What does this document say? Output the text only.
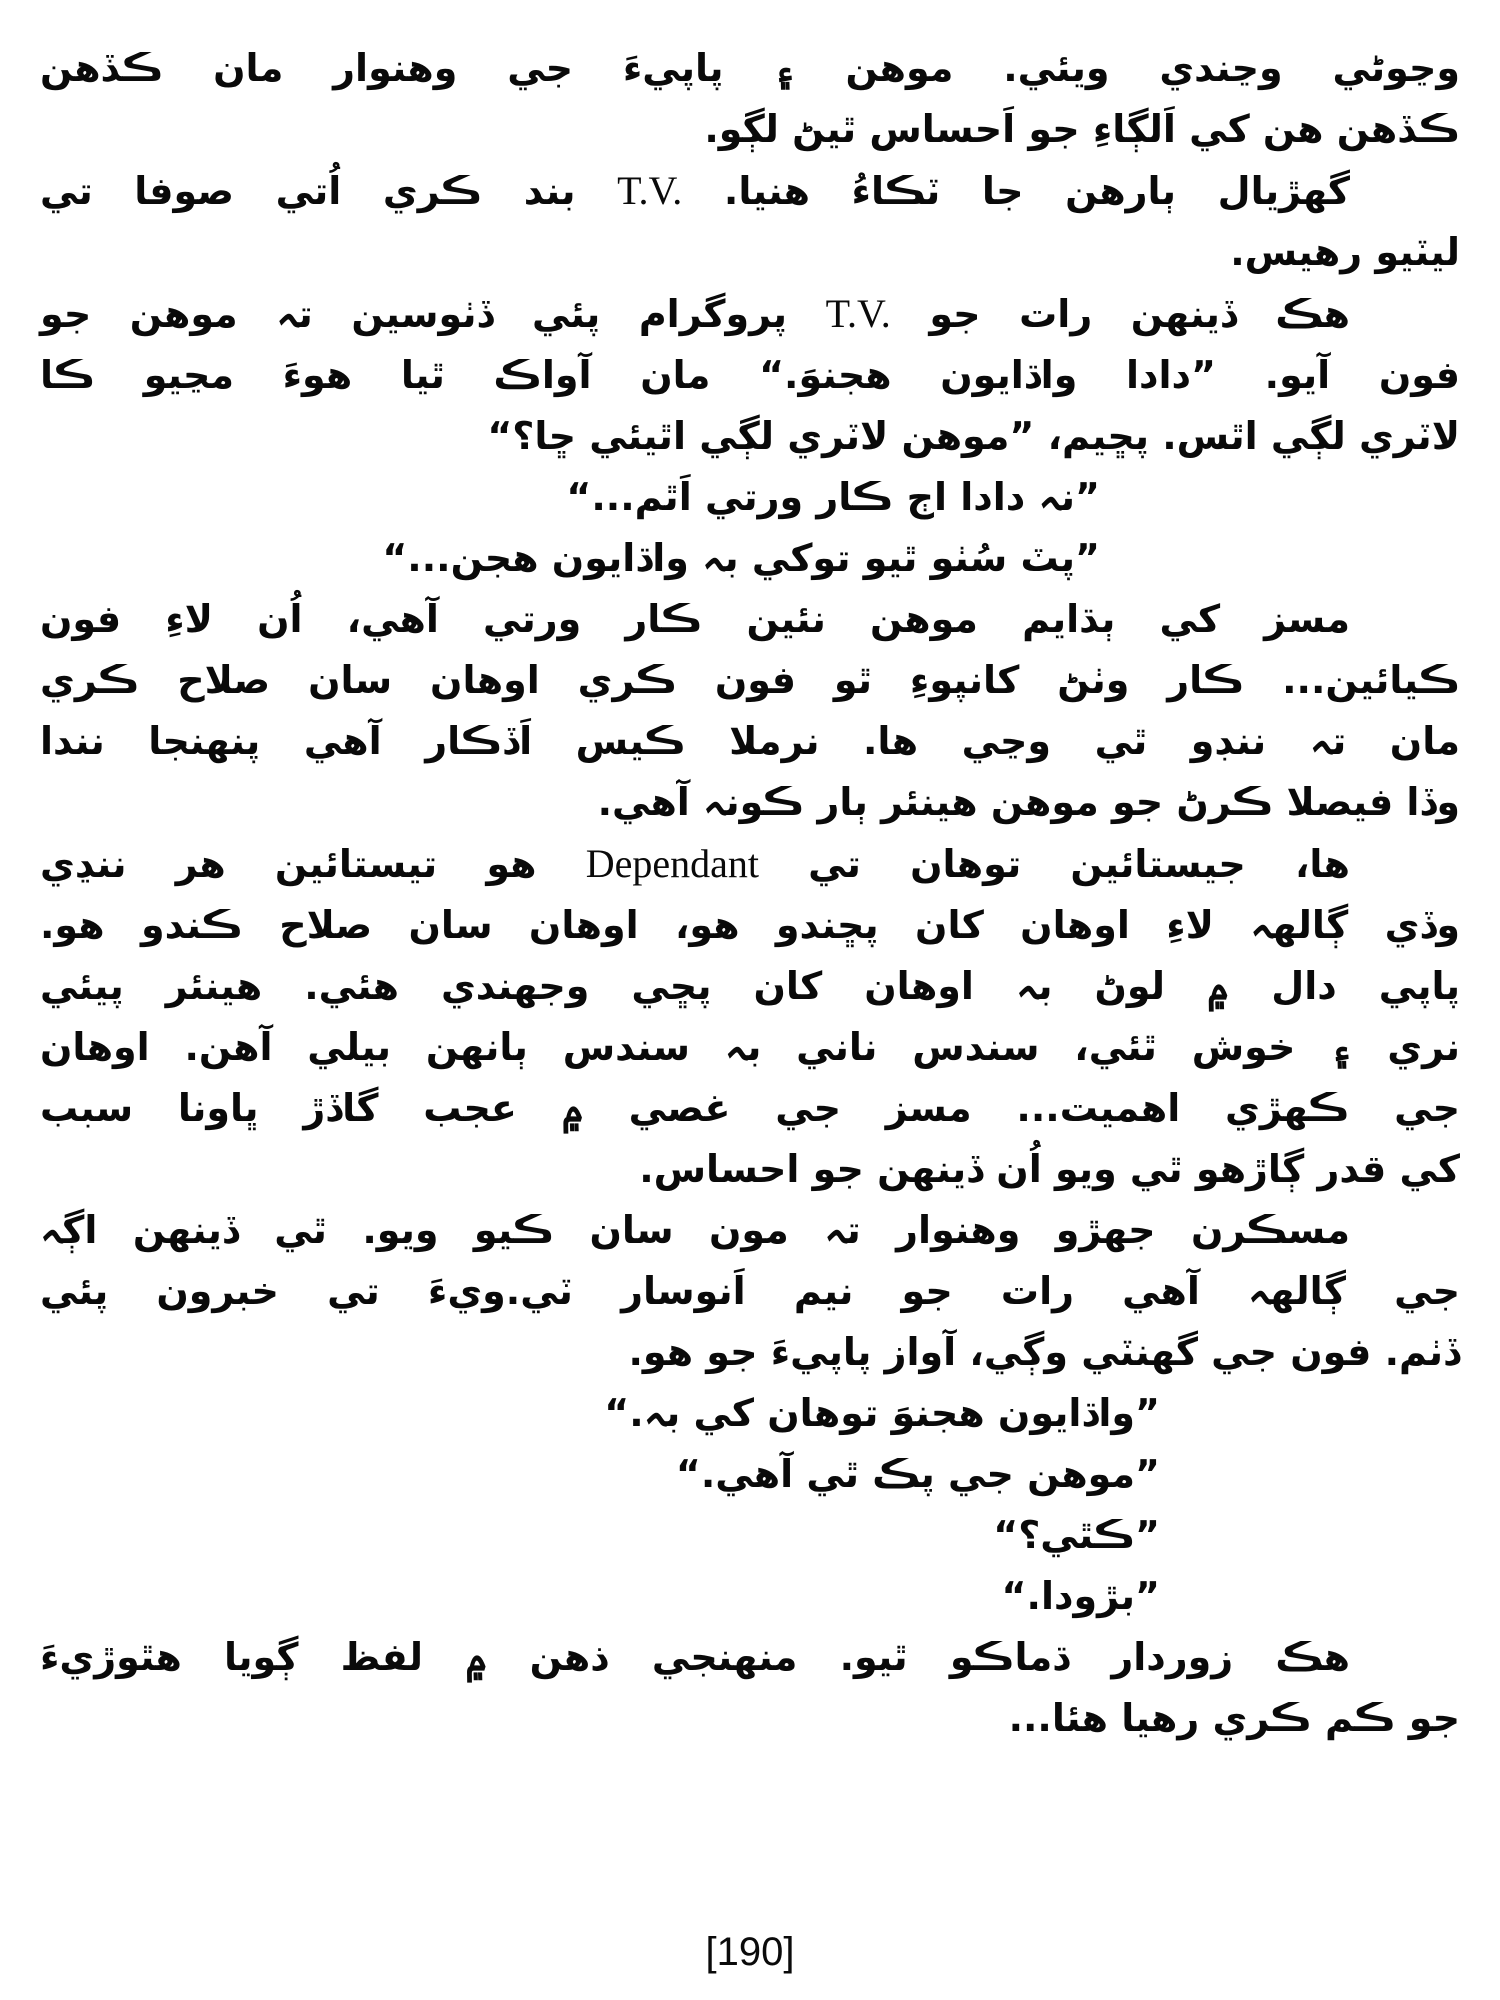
وڃوڻي وڃندي ويئي. موهن ۽ پاپيءَ جي وهنوار مان ڪڏهن
ڪڏهن هن کي اَلڳاءِ جو اَحساس ٿيڻ لڳو.
گهڙيال ٻارهن جا ٽڪاءُ هنيا. T.V. بند ڪري اُتي صوفا تي
ليٽيو رهيس.
هڪ ڏينهن رات جو T.V. پروگرام پئي ڏٺوسين تہ موهن جو
فون آيو. ”دادا واڌايون هجنوَ.“ مان آواڪ ٿيا هوءَ مڃيو ڪا
لاٽري لڳي اٿس. پڇيم، ”موهن لاٽري لڳي اٿيئي ڇا؟“
”نہ دادا اڄ ڪار ورتي اَٿم...“
”پٽ سُٺو ٿيو توکي بہ واڌايون هجن...“
مسز کي ٻڌايم موهن نئين ڪار ورتي آهي، اُن لاءِ فون
ڪيائين... ڪار وٺڻ کانپوءِ ٿو فون ڪري اوهان سان صلاح ڪري
مان تہ ننڊو ٿي وڃي ها. نرملا ڪيس اَڏڪار آهي پنهنجا نندا
وڏا فيصلا ڪرڻ جو موهن هينئر ٻار ڪونہ آهي.
ها، جيستائين توهان تي Dependant هو تيستائين هر ننڍي
وڏي ڳالهہ لاءِ اوهان کان پڇندو هو، اوهان سان صلاح ڪندو هو.
پاپي دال ۾ لوڻ بہ اوهان کان پڇي وجهندي هئي. هينئر پيئي
نري ۽ خوش ٿئي، سندس ناني بہ سندس ٻانهن بيلي آهن. اوهان
جي ڪهڙي اهميت... مسز جي غصي ۾ عجب گاڏڙ ڀاونا سبب
کي قدر ڳاڙهو ٿي ويو اُن ڏينهن جو احساس.
مسڪرن جهڙو وهنوار تہ مون سان ڪيو ويو. ٿي ڏينهن اڳہ
جي ڳالهہ آهي رات جو نيم اَنوسار ٽي.ويءَ تي خبرون پئي
ڏٺم. فون جي گهنٽي وڳي، آواز پاپيءَ جو هو.
”واڌايون هجنوَ توهان کي بہ.“
”موهن جي پڪ ٿي آهي.“
”ڪٿي؟“
”بڙودا.“
هڪ زوردار ڌماڪو ٿيو. منهنجي ذهن ۾ لفظ ڳويا هٿوڙيءَ
جو ڪم ڪري رهيا هئا...
[190]
